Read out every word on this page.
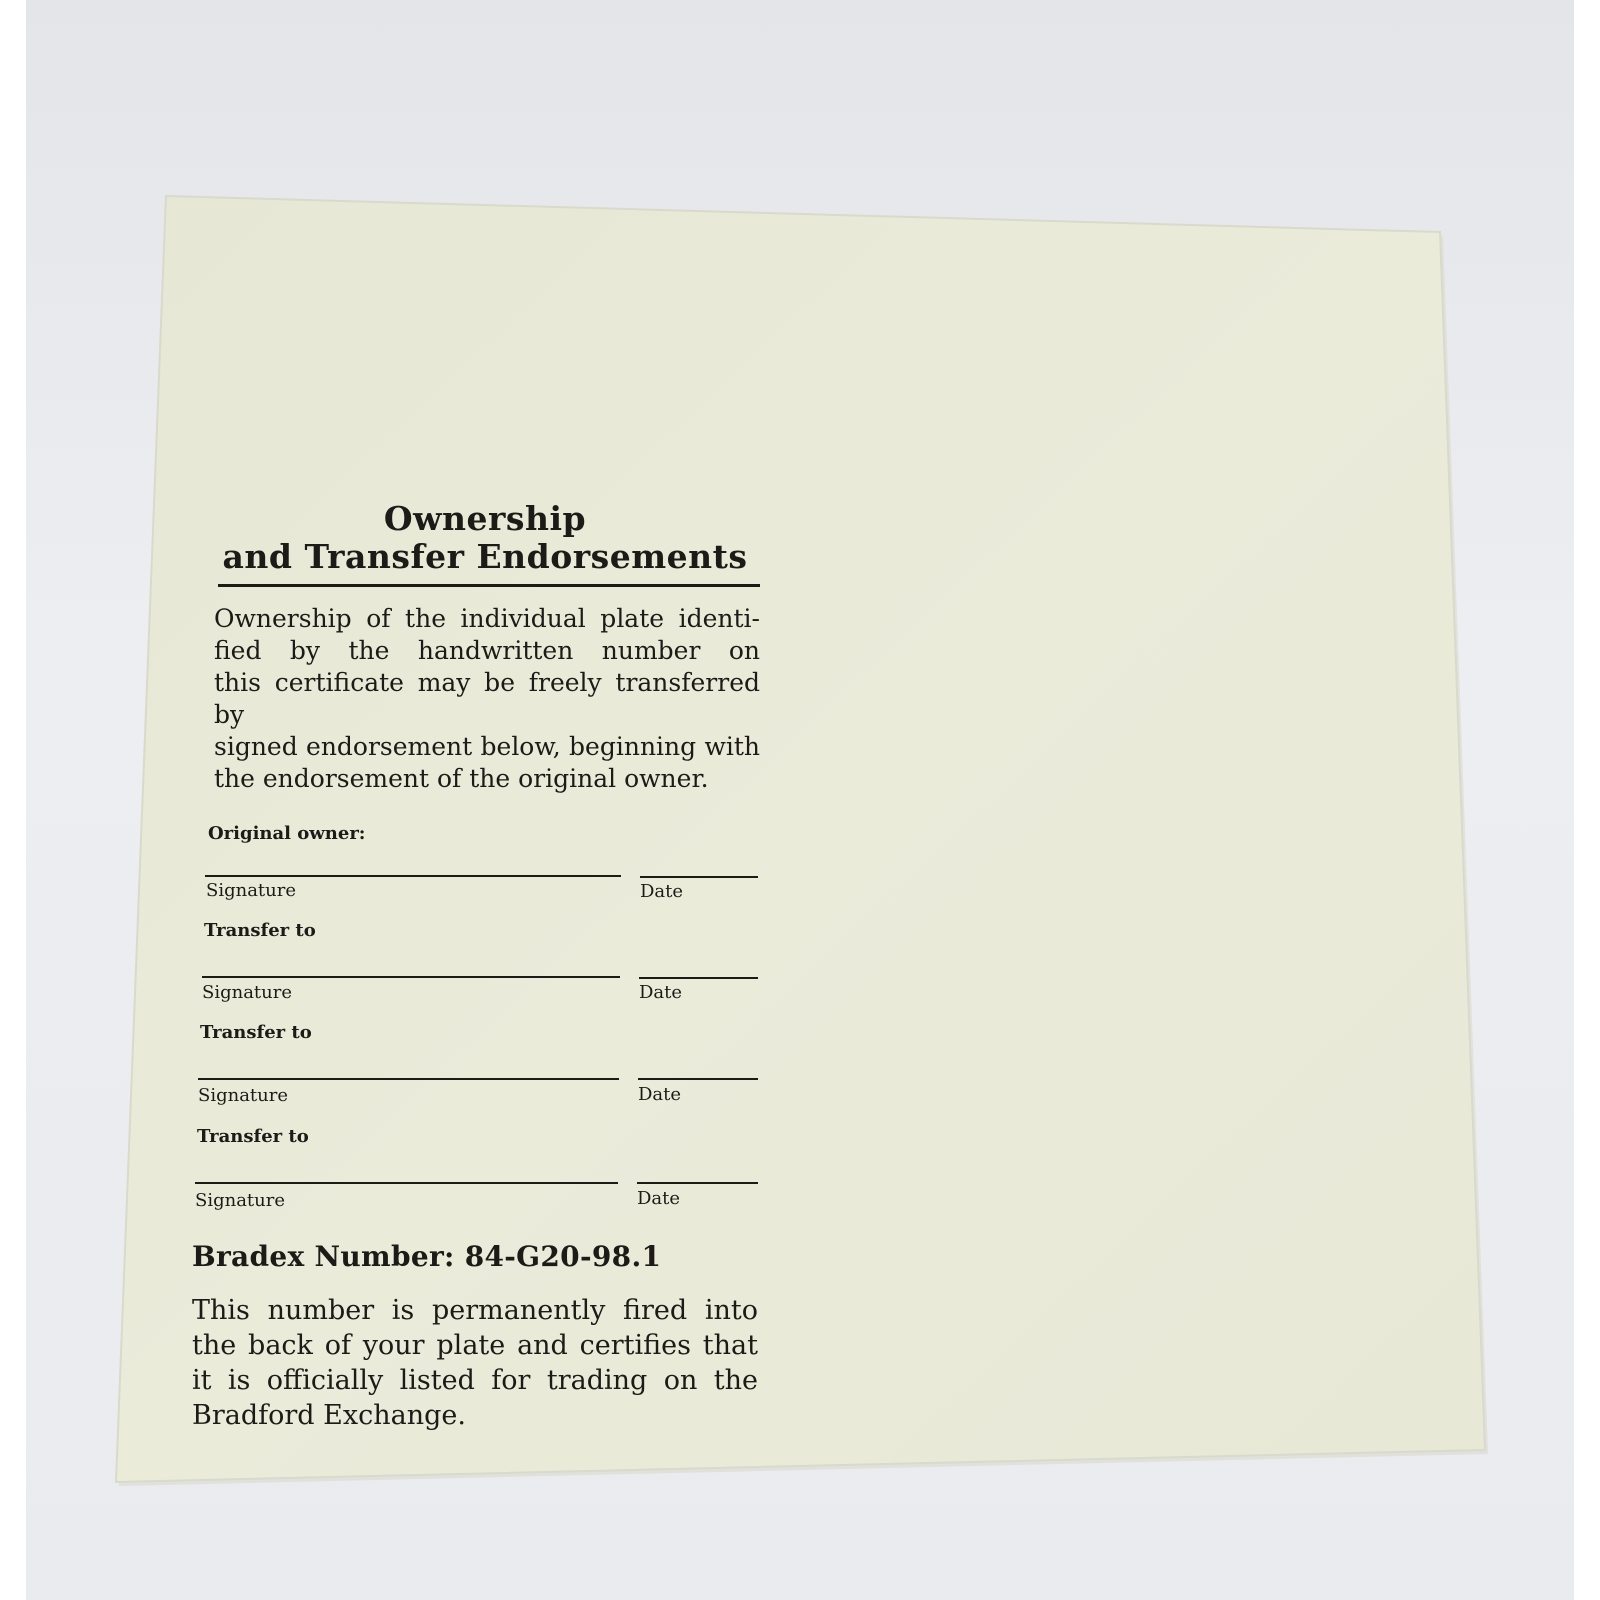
Ownership
and Transfer Endorsements
Ownership of the individual plate identi-
fied by the handwritten number on
this certificate may be freely transferred by
signed endorsement below, beginning with
the endorsement of the original owner.
Original owner:
Signature	Date
Transfer to
Signature	Date
Transfer to
Signature	Date
Transfer to
Signature	Date
Bradex Number: 84-G20-98.1
This number is permanently fired into
the back of your plate and certifies that
it is officially listed for trading on the
Bradford Exchange.
